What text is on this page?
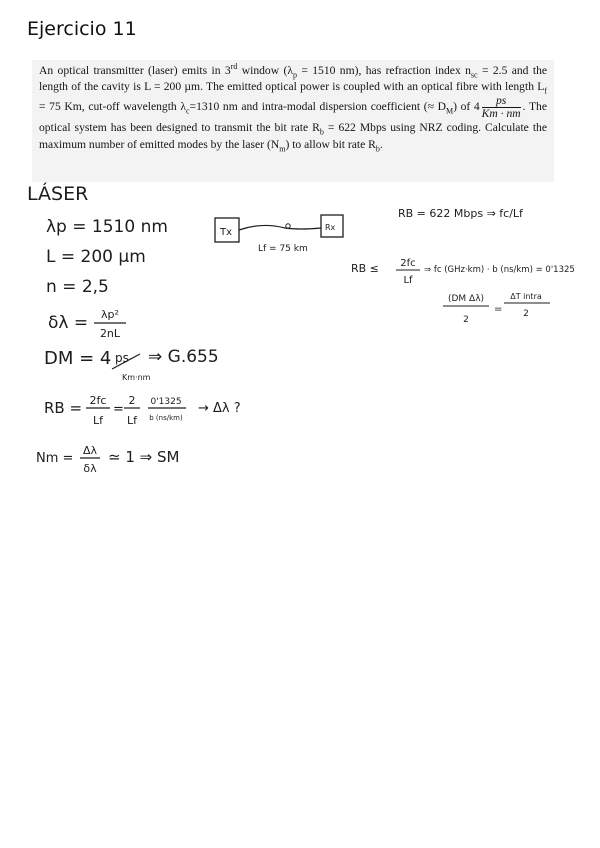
Ejercicio 11
An optical transmitter (laser) emits in 3rd window ($\lambda_p = 1510$ nm), has refraction index $n_{sc} = 2.5$ and the length of the cavity is L = 200 µm. The emitted optical power is coupled with an optical fibre with length $L_f = 75$ Km, cut-off wavelength $\lambda_c=1310$ nm and intra-modal dispersion coefficient (≈ $D_M$) of $4 \frac{ps}{Km \cdot nm}$ . The optical system has been designed to transmit the bit rate $R_b = 622$ Mbps using NRZ coding. Calculate the maximum number of emitted modes by the laser $(N_m)$ to allow bit rate $R_b$.
LÁSER
λp = 1510 nm
L = 200 μm
n = 2,5
δλ = λp²
2nL
DM = 4 ps
Km·nm
⇒ G.655
RB = 2fc
Lf
=
2
Lf
0'1325
b (ns/km)
→ Δλ ?
Nm =
Δλ
δλ
≃ 1 ⇒ SM
Tx	Rx
Lf = 75 km
RB = 622 Mbps ⇒ fc/Lf
RB ≤ 2fc
Lf
⇒ fc (GHz·km) · b (ns/km) = 0'1325
(DM Δλ)
2
=
ΔT intra
2
